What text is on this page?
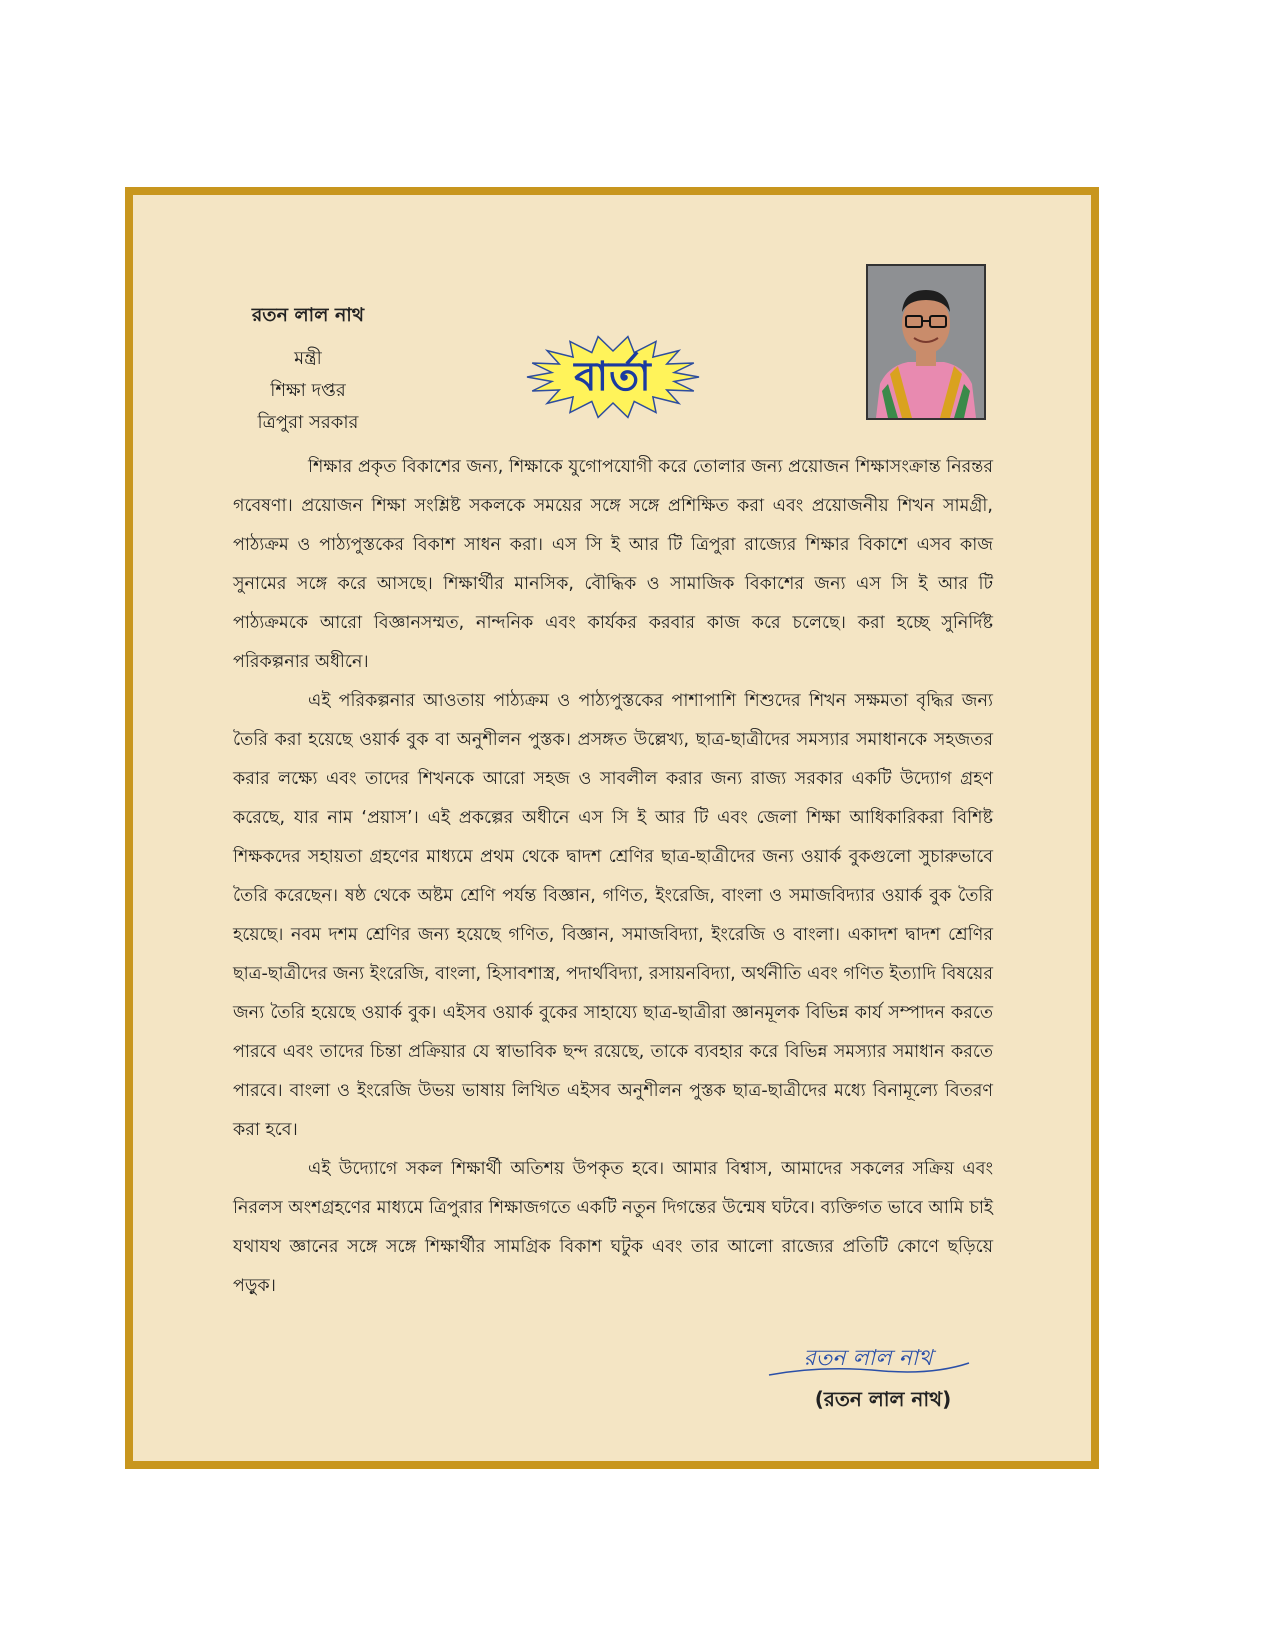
রতন লাল নাথ
মন্ত্রী
শিক্ষা দপ্তর
ত্রিপুরা সরকার
বার্তা

শিক্ষার প্রকৃত বিকাশের জন্য, শিক্ষাকে যুগোপযোগী করে তোলার জন্য প্রয়োজন শিক্ষাসংক্রান্ত নিরন্তর গবেষণা। প্রয়োজন শিক্ষা সংশ্লিষ্ট সকলকে সময়ের সঙ্গে সঙ্গে প্রশিক্ষিত করা এবং প্রয়োজনীয় শিখন সামগ্রী, পাঠ্যক্রম ও পাঠ্যপুস্তকের বিকাশ সাধন করা। এস সি ই আর টি ত্রিপুরা রাজ্যের শিক্ষার বিকাশে এসব কাজ সুনামের সঙ্গে করে আসছে। শিক্ষার্থীর মানসিক, বৌদ্ধিক ও সামাজিক বিকাশের জন্য এস সি ই আর টি পাঠ্যক্রমকে আরো বিজ্ঞানসম্মত, নান্দনিক এবং কার্যকর করবার কাজ করে চলেছে। করা হচ্ছে সুনির্দিষ্ট পরিকল্পনার অধীনে।

এই পরিকল্পনার আওতায় পাঠ্যক্রম ও পাঠ্যপুস্তকের পাশাপাশি শিশুদের শিখন সক্ষমতা বৃদ্ধির জন্য তৈরি করা হয়েছে ওয়ার্ক বুক বা অনুশীলন পুস্তক। প্রসঙ্গত উল্লেখ্য, ছাত্র-ছাত্রীদের সমস্যার সমাধানকে সহজতর করার লক্ষ্যে এবং তাদের শিখনকে আরো সহজ ও সাবলীল করার জন্য রাজ্য সরকার একটি উদ্যোগ গ্রহণ করেছে, যার নাম ‘প্রয়াস’। এই প্রকল্পের অধীনে এস সি ই আর টি এবং জেলা শিক্ষা আধিকারিকরা বিশিষ্ট শিক্ষকদের সহায়তা গ্রহণের মাধ্যমে প্রথম থেকে দ্বাদশ শ্রেণির ছাত্র-ছাত্রীদের জন্য ওয়ার্ক বুকগুলো সুচারুভাবে তৈরি করেছেন। ষষ্ঠ থেকে অষ্টম শ্রেণি পর্যন্ত বিজ্ঞান, গণিত, ইংরেজি, বাংলা ও সমাজবিদ্যার ওয়ার্ক বুক তৈরি হয়েছে। নবম দশম শ্রেণির জন্য হয়েছে গণিত, বিজ্ঞান, সমাজবিদ্যা, ইংরেজি ও বাংলা। একাদশ দ্বাদশ শ্রেণির ছাত্র-ছাত্রীদের জন্য ইংরেজি, বাংলা, হিসাবশাস্ত্র, পদার্থবিদ্যা, রসায়নবিদ্যা, অর্থনীতি এবং গণিত ইত্যাদি বিষয়ের জন্য তৈরি হয়েছে ওয়ার্ক বুক। এইসব ওয়ার্ক বুকের সাহায্যে ছাত্র-ছাত্রীরা জ্ঞানমূলক বিভিন্ন কার্য সম্পাদন করতে পারবে এবং তাদের চিন্তা প্রক্রিয়ার যে স্বাভাবিক ছন্দ রয়েছে, তাকে ব্যবহার করে বিভিন্ন সমস্যার সমাধান করতে পারবে। বাংলা ও ইংরেজি উভয় ভাষায় লিখিত এইসব অনুশীলন পুস্তক ছাত্র-ছাত্রীদের মধ্যে বিনামূল্যে বিতরণ করা হবে।

এই উদ্যোগে সকল শিক্ষার্থী অতিশয় উপকৃত হবে। আমার বিশ্বাস, আমাদের সকলের সক্রিয় এবং নিরলস অংশগ্রহণের মাধ্যমে ত্রিপুরার শিক্ষাজগতে একটি নতুন দিগন্তের উন্মেষ ঘটবে। ব্যক্তিগত ভাবে আমি চাই যথাযথ জ্ঞানের সঙ্গে সঙ্গে শিক্ষার্থীর সামগ্রিক বিকাশ ঘটুক এবং তার আলো রাজ্যের প্রতিটি কোণে ছড়িয়ে পড়ুক।

রতন লাল নাথ
(রতন লাল নাথ)
